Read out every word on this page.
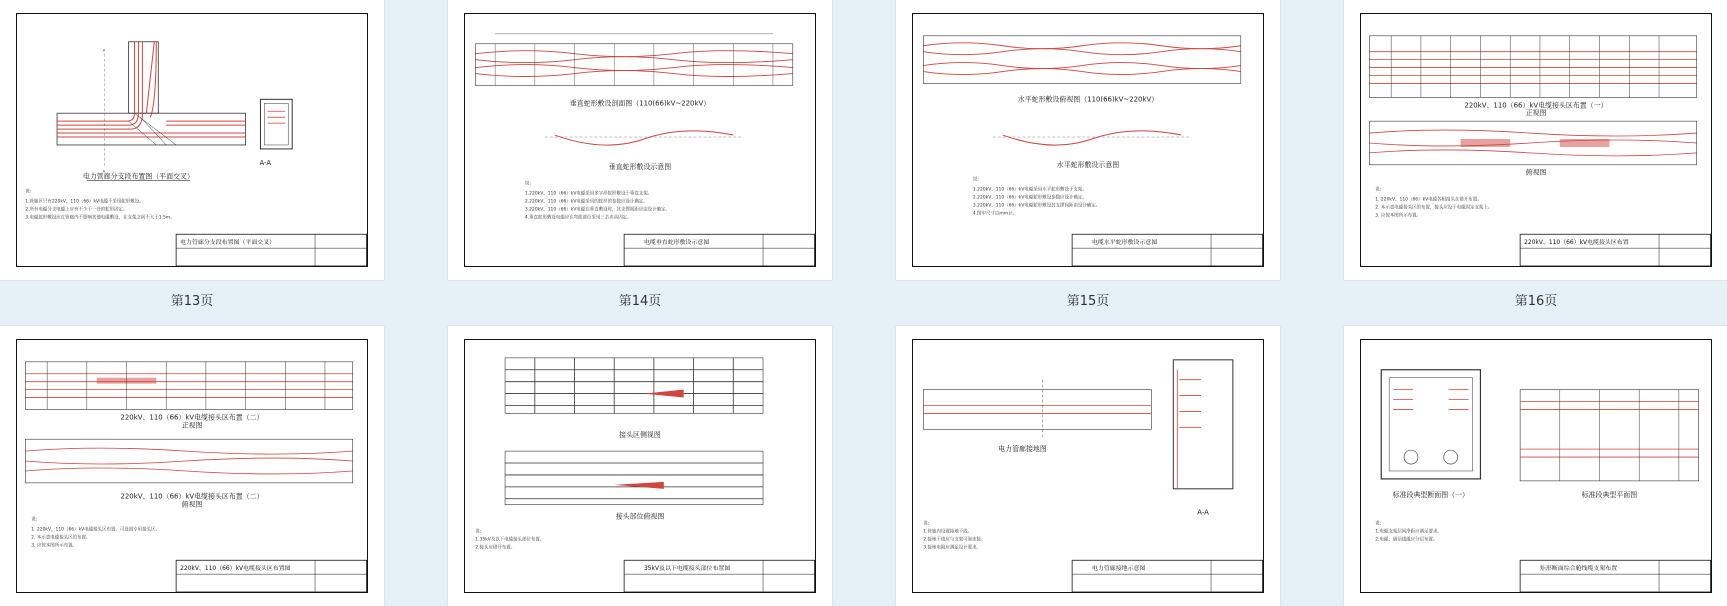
A
A
A-A
电力管廊分支段布置图（平面交叉）
说:
1.管廊区只有220kV、110（66）kV电缆不采用蛇形敷设。
2.所有电缆分支电缆上应有不少于一处的蛇形固定。
3.电缆蛇形敷设应在管廊内不影响其他电缆敷设，在支架之间不大于1.5m。
电力管廊分支段布置图（平面交叉）
第13页
垂直蛇形敷设剖面图（110(66)kV~220kV）
垂直蛇形敷设示意图
说:
1.220kV、110（66）kV电缆采用多字形蛇形敷设于垂直支架。
2.220kV、110（66）kV电缆采用的蛇形的参数应设计确定。
3.220kV、110（66）kV电缆在垂直敷设时，其支撑间距应由设计确定。
4.垂直蛇形敷设电缆应在弯曲部位采用三芯夹具固定。
电缆垂直蛇形敷设示意图
第14页
水平蛇形敷设俯视图（110(66)kV~220kV）
水平蛇形敷设示意图
说:
1.220kV、110（66）kV电缆采用水平蛇形敷设于支架。
2.220kV、110（66）kV电缆蛇形敷设参数应设计确定。
3.220kV、110（66）kV电缆蛇形敷设其支撑间距由设计确定。
4.图中尺寸以mm计。
电缆水平蛇形敷设示意图
第15页
220kV、110（66）kV电缆接头区布置（一）
正视图
俯视图
说:
1. 220kV、110（66）kV电缆各相接头在错开布置。
2. 本示意电缆接头区的布置，接头应设于电缆固定支架上。
3. 应按本图所示布置。
220kV、110（66）kV电缆接头区布置
第16页
220kV、110（66）kV电缆接头区布置（二）
正视图
220kV、110（66）kV电缆接头区布置（二）
俯视图
说:
1. 220kV、110（66）kV电缆接头区布置，可设置专用接头区。
2. 本示意电缆接头区的布置。
3. 应按本图所示布置。
220kV、110（66）kV电缆接头区布置图
接头区侧视图
接头部位俯视图
说:
1.35kV及以下电缆接头部位布置。
2.接头应错开布置。
35kV及以下电缆接头部位布置图
电力管廊接地图
A-A
说:
1.管廊内设置接地干线。
2.接地干线应与支架可靠连接。
3.接地电阻应满足设计要求。
电力管廊接地示意图
标准段典型断面图（一）	标准段典型平面图
说:
1.电缆支架层间净距应满足要求。
2.电缆、通信线缆应分层布置。
矩形断面综合舱线缆支架布置
